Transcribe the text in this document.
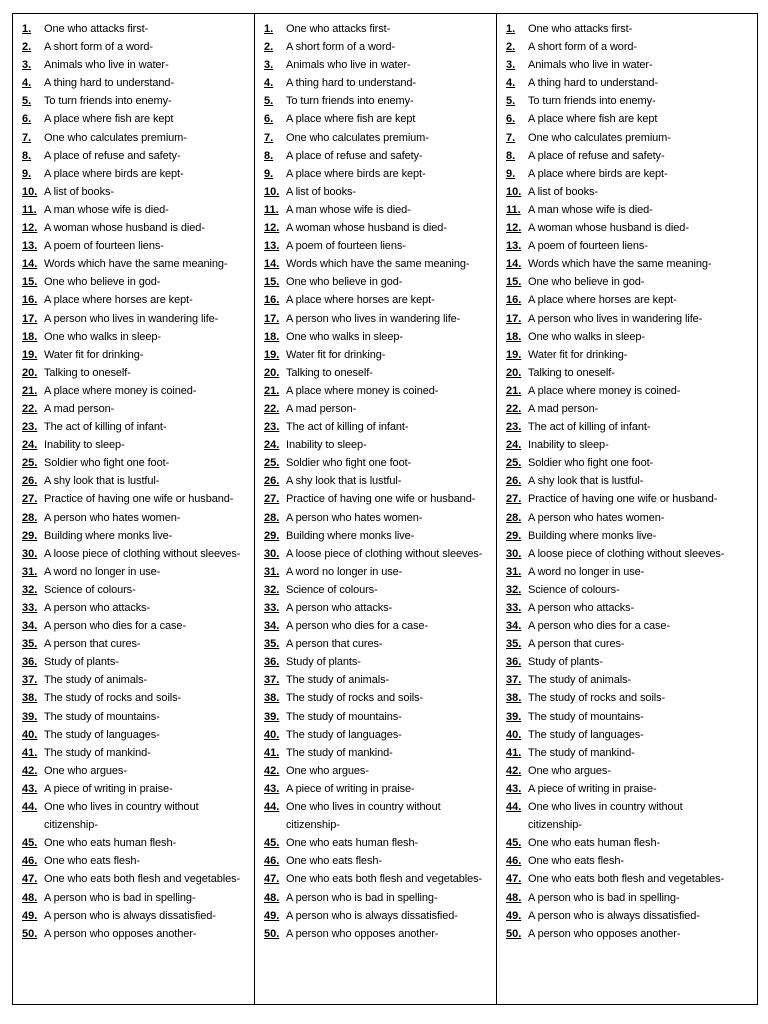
1.	One who attacks first-
2.	A short form of a word-
3.	Animals who live in water-
4.	A thing hard to understand-
5.	To turn friends into enemy-
6.	A place where fish are kept
7.	One who calculates premium-
8.	A place of refuse and safety-
9.	A place where birds are kept-
10. A list of books-
11. A man whose wife is died-
12. A woman whose husband is died-
13. A poem of fourteen liens-
14. Words which have the same meaning-
15. One who believe in god-
16. A place where horses are kept-
17. A person who lives in wandering life-
18. One who walks in sleep-
19. Water fit for drinking-
20. Talking to oneself-
21. A place where money is coined-
22. A mad person-
23. The act of killing of infant-
24. Inability to sleep-
25. Soldier who fight one foot-
26. A shy look that is lustful-
27. Practice of having one wife or husband-
28. A person who hates women-
29. Building where monks live-
30. A loose piece of clothing without sleeves-
31. A word no longer in use-
32. Science of colours-
33. A person who attacks-
34. A person who dies for a case-
35. A person that cures-
36. Study of plants-
37. The study of animals-
38. The study of rocks and soils-
39. The study of mountains-
40. The study of languages-
41. The study of mankind-
42. One who argues-
43. A piece of writing in praise-
44. One who lives in country without citizenship-
45. One who eats human flesh-
46. One who eats flesh-
47. One who eats both flesh and vegetables-
48. A person who is bad in spelling-
49. A person who is always dissatisfied-
50. A person who opposes another-
1.	One who attacks first-
2.	A short form of a word-
3.	Animals who live in water-
4.	A thing hard to understand-
5.	To turn friends into enemy-
6.	A place where fish are kept
7.	One who calculates premium-
8.	A place of refuse and safety-
9.	A place where birds are kept-
10. A list of books-
11. A man whose wife is died-
12. A woman whose husband is died-
13. A poem of fourteen liens-
14. Words which have the same meaning-
15. One who believe in god-
16. A place where horses are kept-
17. A person who lives in wandering life-
18. One who walks in sleep-
19. Water fit for drinking-
20. Talking to oneself-
21. A place where money is coined-
22. A mad person-
23. The act of killing of infant-
24. Inability to sleep-
25. Soldier who fight one foot-
26. A shy look that is lustful-
27. Practice of having one wife or husband-
28. A person who hates women-
29. Building where monks live-
30. A loose piece of clothing without sleeves-
31. A word no longer in use-
32. Science of colours-
33. A person who attacks-
34. A person who dies for a case-
35. A person that cures-
36. Study of plants-
37. The study of animals-
38. The study of rocks and soils-
39. The study of mountains-
40. The study of languages-
41. The study of mankind-
42. One who argues-
43. A piece of writing in praise-
44. One who lives in country without citizenship-
45. One who eats human flesh-
46. One who eats flesh-
47. One who eats both flesh and vegetables-
48. A person who is bad in spelling-
49. A person who is always dissatisfied-
50. A person who opposes another-
1.	One who attacks first-
2.	A short form of a word-
3.	Animals who live in water-
4.	A thing hard to understand-
5.	To turn friends into enemy-
6.	A place where fish are kept
7.	One who calculates premium-
8.	A place of refuse and safety-
9.	A place where birds are kept-
10. A list of books-
11. A man whose wife is died-
12. A woman whose husband is died-
13. A poem of fourteen liens-
14. Words which have the same meaning-
15. One who believe in god-
16. A place where horses are kept-
17. A person who lives in wandering life-
18. One who walks in sleep-
19. Water fit for drinking-
20. Talking to oneself-
21. A place where money is coined-
22. A mad person-
23. The act of killing of infant-
24. Inability to sleep-
25. Soldier who fight one foot-
26. A shy look that is lustful-
27. Practice of having one wife or husband-
28. A person who hates women-
29. Building where monks live-
30. A loose piece of clothing without sleeves-
31. A word no longer in use-
32. Science of colours-
33. A person who attacks-
34. A person who dies for a case-
35. A person that cures-
36. Study of plants-
37. The study of animals-
38. The study of rocks and soils-
39. The study of mountains-
40. The study of languages-
41. The study of mankind-
42. One who argues-
43. A piece of writing in praise-
44. One who lives in country without citizenship-
45. One who eats human flesh-
46. One who eats flesh-
47. One who eats both flesh and vegetables-
48. A person who is bad in spelling-
49. A person who is always dissatisfied-
50. A person who opposes another-
